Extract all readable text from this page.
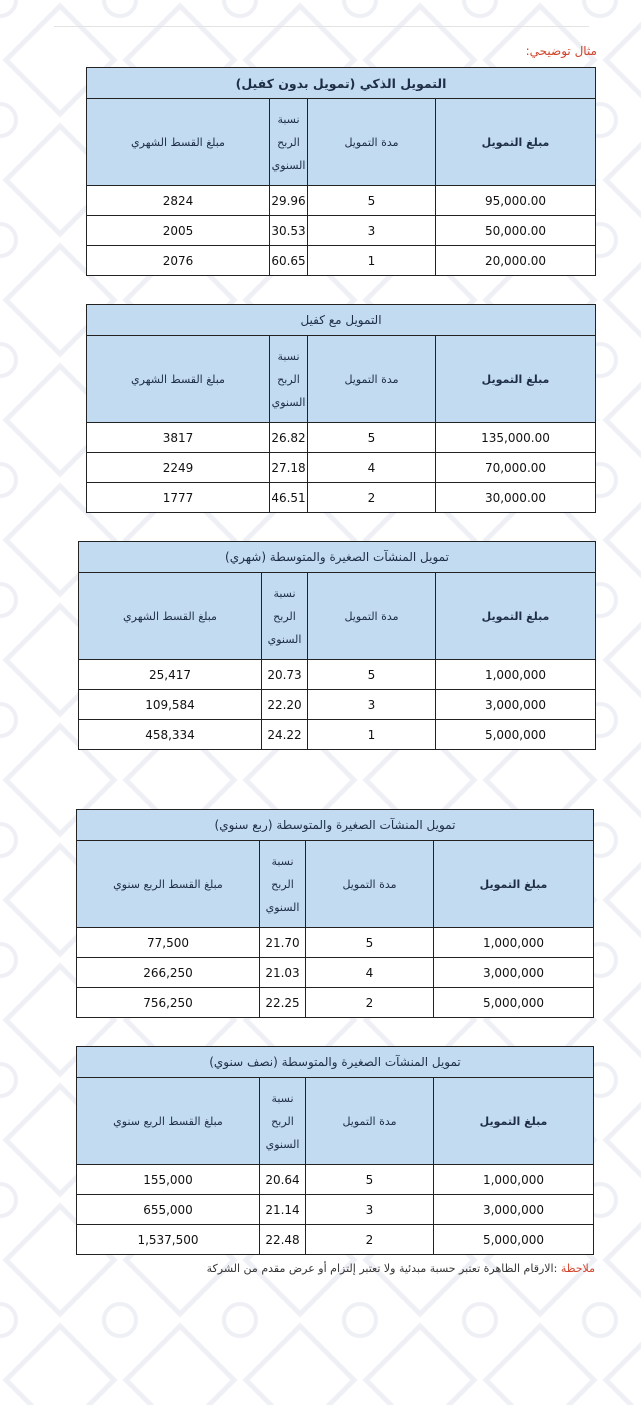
مثال توضيحي:
التمويل الذكي (تمويل بدون كفيل)			
مبلغ التمويل	مدة التمويل	نسبة الربح السنوي	مبلغ القسط الشهري
95,000.00	5	29.96	2824
50,000.00	3	30.53	2005
20,000.00	1	60.65	2076
التمويل مع كفيل			
مبلغ التمويل	مدة التمويل	نسبة الربح السنوي	مبلغ القسط الشهري
135,000.00	5	26.82	3817
70,000.00	4	27.18	2249
30,000.00	2	46.51	1777
تمويل المنشآت الصغيرة والمتوسطة (شهري)			
مبلغ التمويل	مدة التمويل	نسبة الربح السنوي	مبلغ القسط الشهري
1,000,000	5	20.73	25,417
3,000,000	3	22.20	109,584
5,000,000	1	24.22	458,334
تمويل المنشآت الصغيرة والمتوسطة (ربع سنوي)			
مبلغ التمويل	مدة التمويل	نسبة الربح السنوي	مبلغ القسط الربع سنوي
1,000,000	5	21.70	77,500
3,000,000	4	21.03	266,250
5,000,000	2	22.25	756,250
تمويل المنشآت الصغيرة والمتوسطة (نصف سنوي)			
مبلغ التمويل	مدة التمويل	نسبة الربح السنوي	مبلغ القسط الربع سنوي
1,000,000	5	20.64	155,000
3,000,000	3	21.14	655,000
5,000,000	2	22.48	1,537,500
ملاحظة :الارقام الظاهرة تعتبر حسبة مبدئية ولا تعتبر إلتزام أو عرض مقدم من الشركة
